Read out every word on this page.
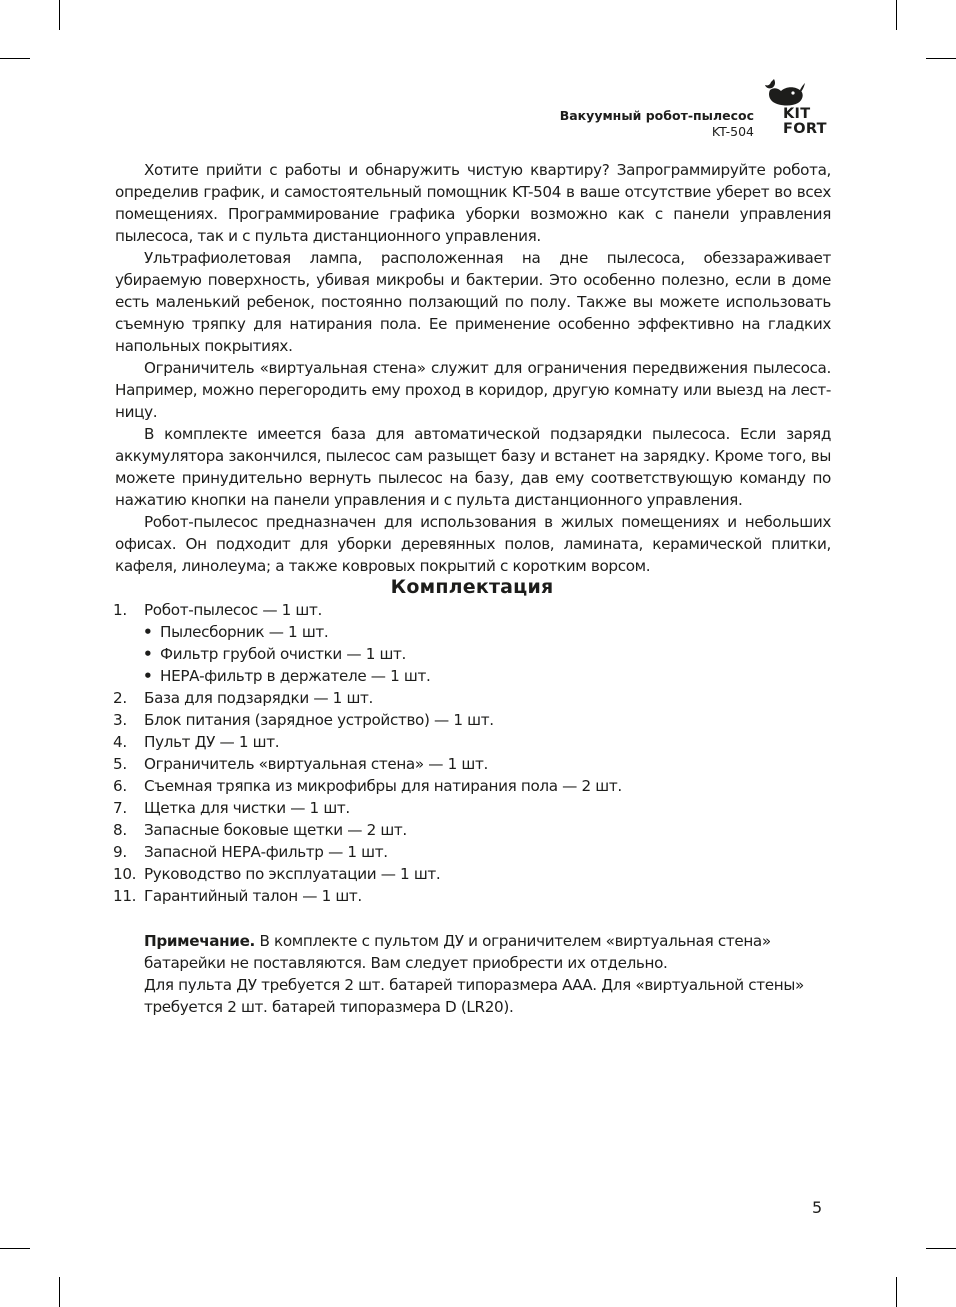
Вакуумный робот-пылесос
KT-504
KIT
FORT

Хотите прийти с работы и обнаружить чистую квартиру? Запрограммируйте робота, определив график, и самостоятельный помощник KT-504 в ваше отсутствие уберет во всех помещениях. Программирование графика уборки возможно как с панели управления пылесоса, так и с пульта дистанционного управления.

Ультрафиолетовая лампа, расположенная на дне пылесоса, обеззараживает убираемую поверхность, убивая микробы и бактерии. Это особенно полезно, если в доме есть маленький ребенок, постоянно ползающий по полу. Также вы можете использовать съемную тряпку для натирания пола. Ее применение особенно эффективно на гладких напольных покрытиях.

Ограничитель «виртуальная стена» служит для ограничения передвижения пылесоса. Например, можно перегородить ему проход в коридор, другую комнату или выезд на лест-ницу.

В комплекте имеется база для автоматической подзарядки пылесоса. Если заряд аккумулятора закончился, пылесос сам разыщет базу и встанет на зарядку. Кроме того, вы можете принудительно вернуть пылесос на базу, дав ему соответствующую команду по нажатию кнопки на панели управления и с пульта дистанционного управления.

Робот-пылесос предназначен для использования в жилых помещениях и небольших офисах. Он подходит для уборки деревянных полов, ламината, керамической плитки, кафеля, линолеума; а также ковровых покрытий с коротким ворсом.

Комплектация
1. Робот-пылесос — 1 шт.
• Пылесборник — 1 шт.
• Фильтр грубой очистки — 1 шт.
• НЕРА-фильтр в держателе — 1 шт.
2. База для подзарядки — 1 шт.
3. Блок питания (зарядное устройство) — 1 шт.
4. Пульт ДУ — 1 шт.
5. Ограничитель «виртуальная стена» — 1 шт.
6. Съемная тряпка из микрофибры для натирания пола — 2 шт.
7. Щетка для чистки — 1 шт.
8. Запасные боковые щетки — 2 шт.
9. Запасной НЕРА-фильтр — 1 шт.
10. Руководство по эксплуатации — 1 шт.
11. Гарантийный талон — 1 шт.

Примечание. В комплекте с пультом ДУ и ограничителем «виртуальная стена» батарейки не поставляются. Вам следует приобрести их отдельно.

Для пульта ДУ требуется 2 шт. батарей типоразмера ААА. Для «виртуальной стены» требуется 2 шт. батарей типоразмера D (LR20).

5
